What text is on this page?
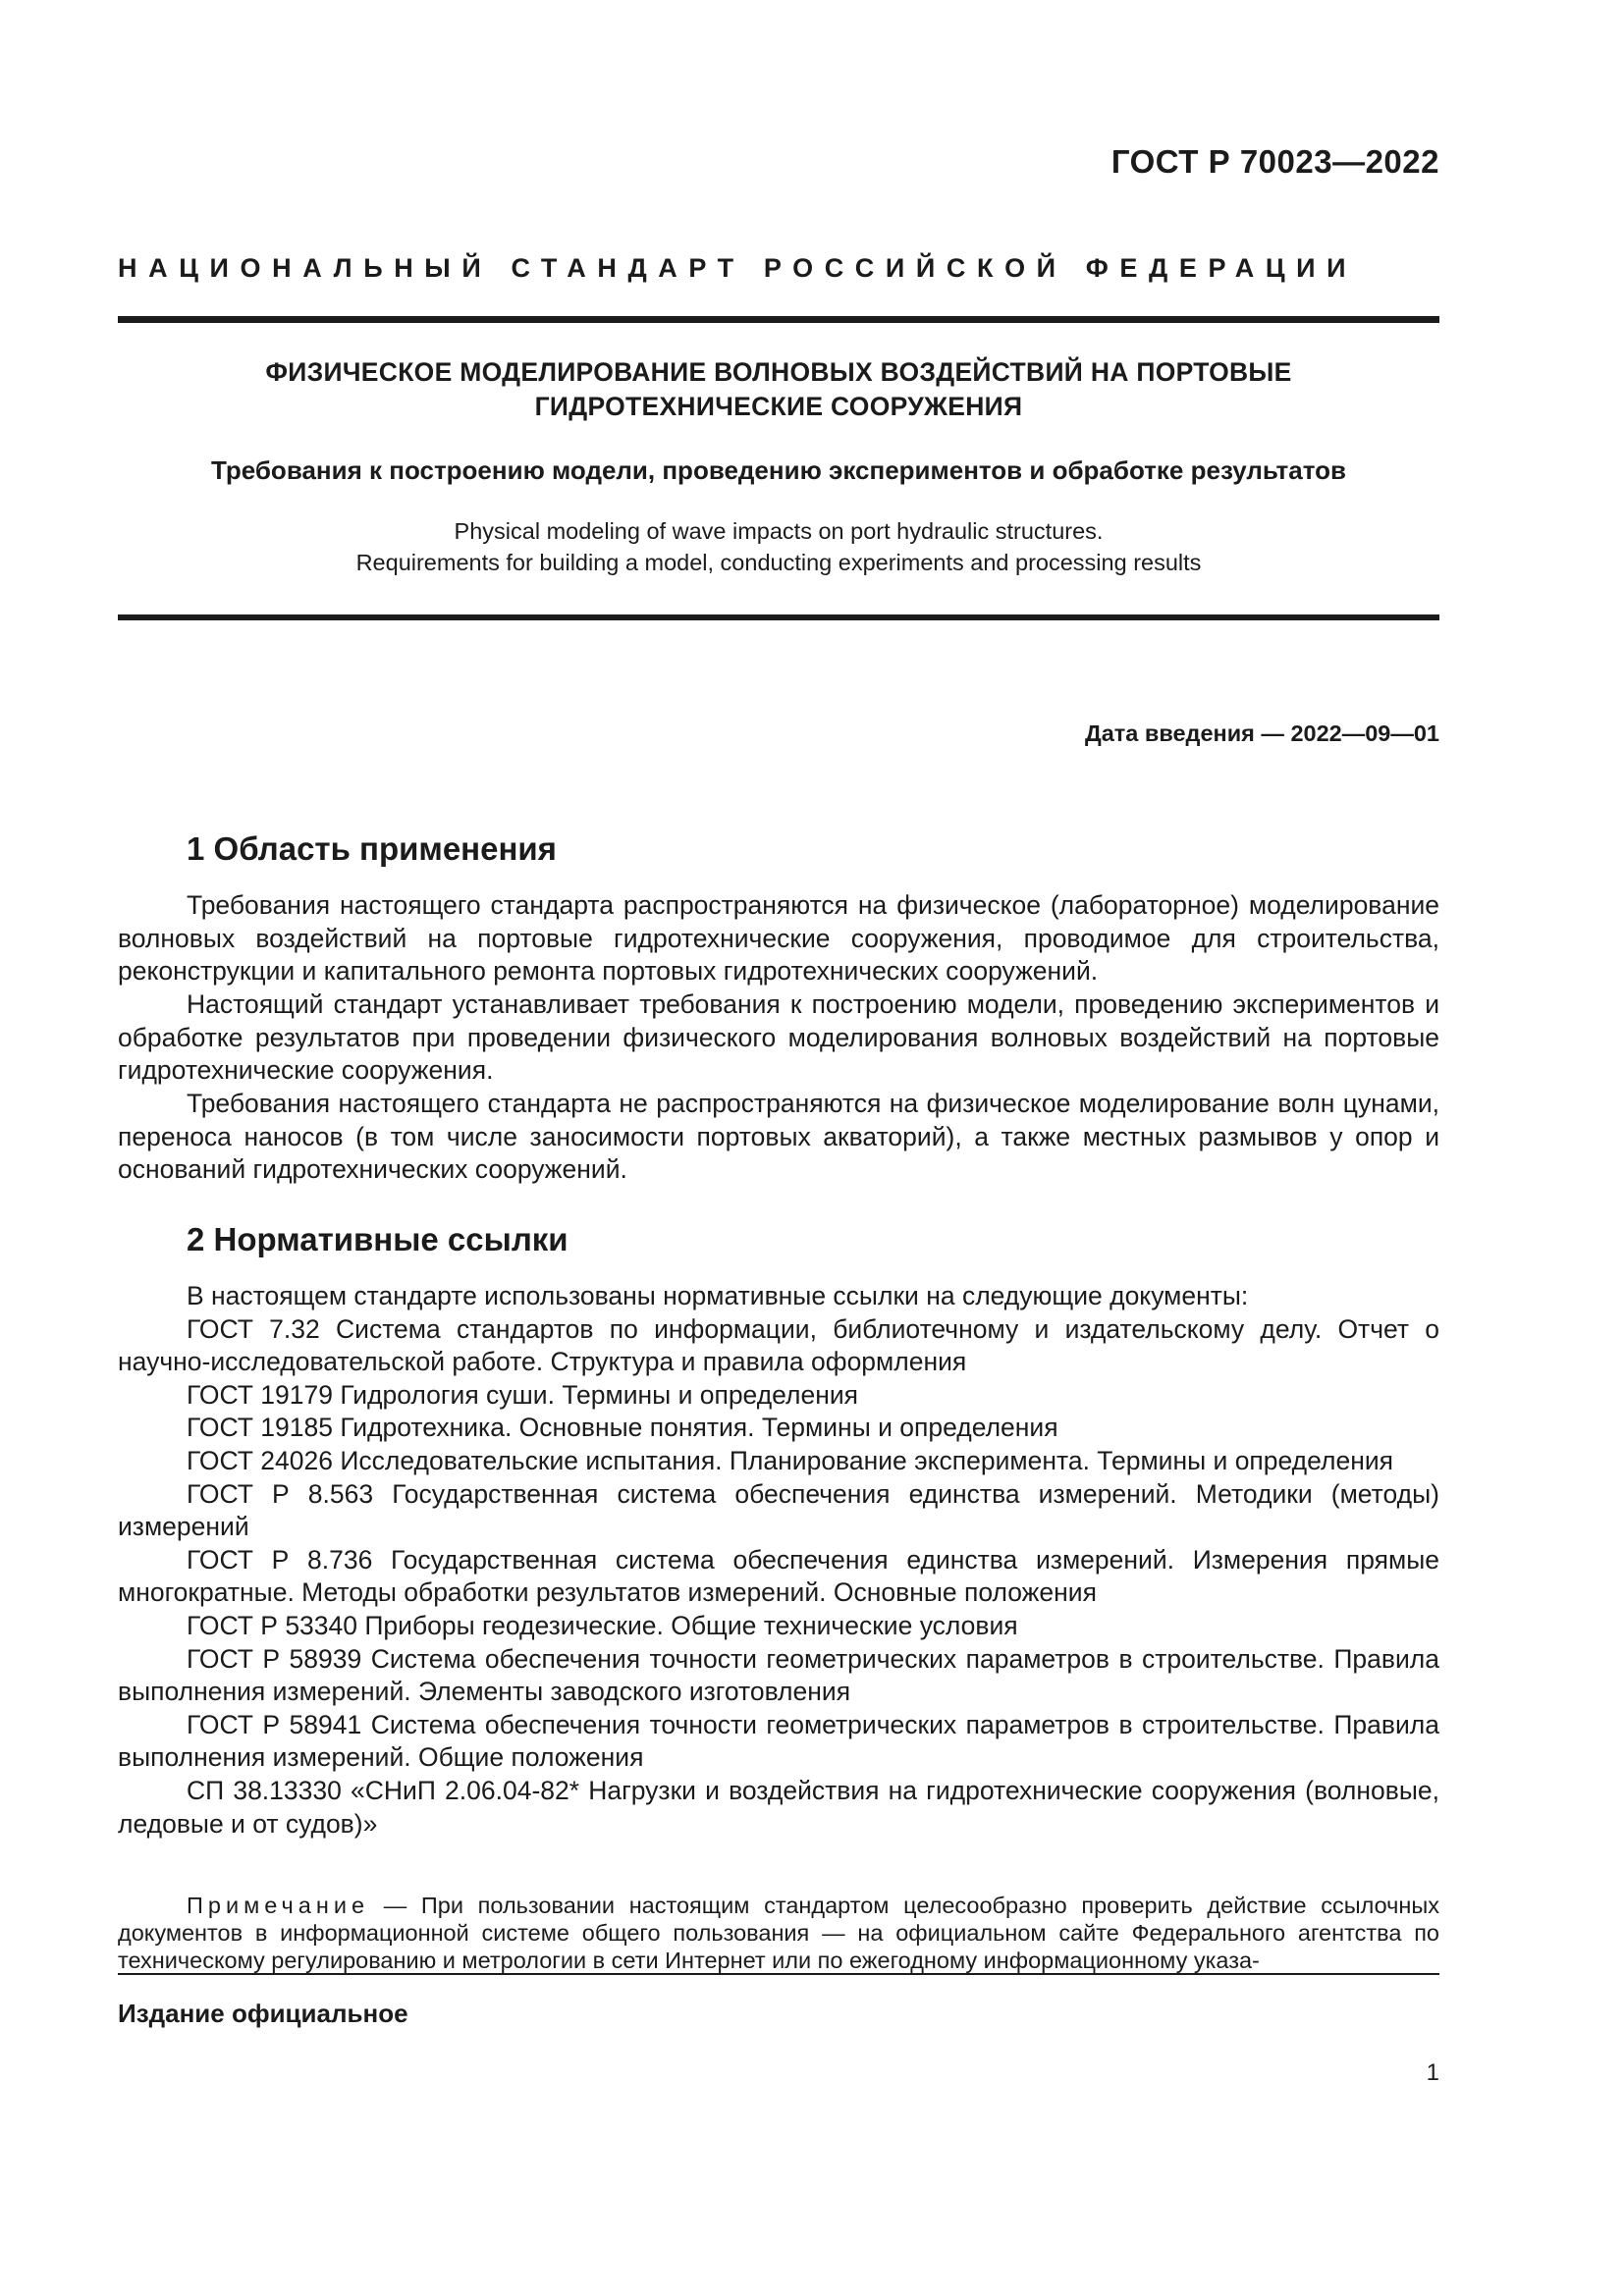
ГОСТ Р 70023—2022
НАЦИОНАЛЬНЫЙ СТАНДАРТ РОССИЙСКОЙ ФЕДЕРАЦИИ
ФИЗИЧЕСКОЕ МОДЕЛИРОВАНИЕ ВОЛНОВЫХ ВОЗДЕЙСТВИЙ НА ПОРТОВЫЕ
ГИДРОТЕХНИЧЕСКИЕ СООРУЖЕНИЯ
Требования к построению модели, проведению экспериментов и обработке результатов
Physical modeling of wave impacts on port hydraulic structures.
Requirements for building a model, conducting experiments and processing results
Дата введения — 2022—09—01
1 Область применения

Требования настоящего стандарта распространяются на физическое (лабораторное) моделирование волновых воздействий на портовые гидротехнические сооружения, проводимое для строительства, реконструкции и капитального ремонта портовых гидротехнических сооружений.

Настоящий стандарт устанавливает требования к построению модели, проведению экспериментов и обработке результатов при проведении физического моделирования волновых воздействий на портовые гидротехнические сооружения.

Требования настоящего стандарта не распространяются на физическое моделирование волн цунами, переноса наносов (в том числе заносимости портовых акваторий), а также местных размывов у опор и оснований гидротехнических сооружений.

2 Нормативные ссылки

В настоящем стандарте использованы нормативные ссылки на следующие документы:

ГОСТ 7.32 Система стандартов по информации, библиотечному и издательскому делу. Отчет о научно-исследовательской работе. Структура и правила оформления

ГОСТ 19179 Гидрология суши. Термины и определения

ГОСТ 19185 Гидротехника. Основные понятия. Термины и определения

ГОСТ 24026 Исследовательские испытания. Планирование эксперимента. Термины и определения

ГОСТ Р 8.563 Государственная система обеспечения единства измерений. Методики (методы) измерений

ГОСТ Р 8.736 Государственная система обеспечения единства измерений. Измерения прямые многократные. Методы обработки результатов измерений. Основные положения

ГОСТ Р 53340 Приборы геодезические. Общие технические условия

ГОСТ Р 58939 Система обеспечения точности геометрических параметров в строительстве. Правила выполнения измерений. Элементы заводского изготовления

ГОСТ Р 58941 Система обеспечения точности геометрических параметров в строительстве. Правила выполнения измерений. Общие положения

СП 38.13330 «СНиП 2.06.04-82* Нагрузки и воздействия на гидротехнические сооружения (волновые, ледовые и от судов)»

Примечание — При пользовании настоящим стандартом целесообразно проверить действие ссылочных документов в информационной системе общего пользования — на официальном сайте Федерального агентства по техническому регулированию и метрологии в сети Интернет или по ежегодному информационному указа-

Издание официальное
1
